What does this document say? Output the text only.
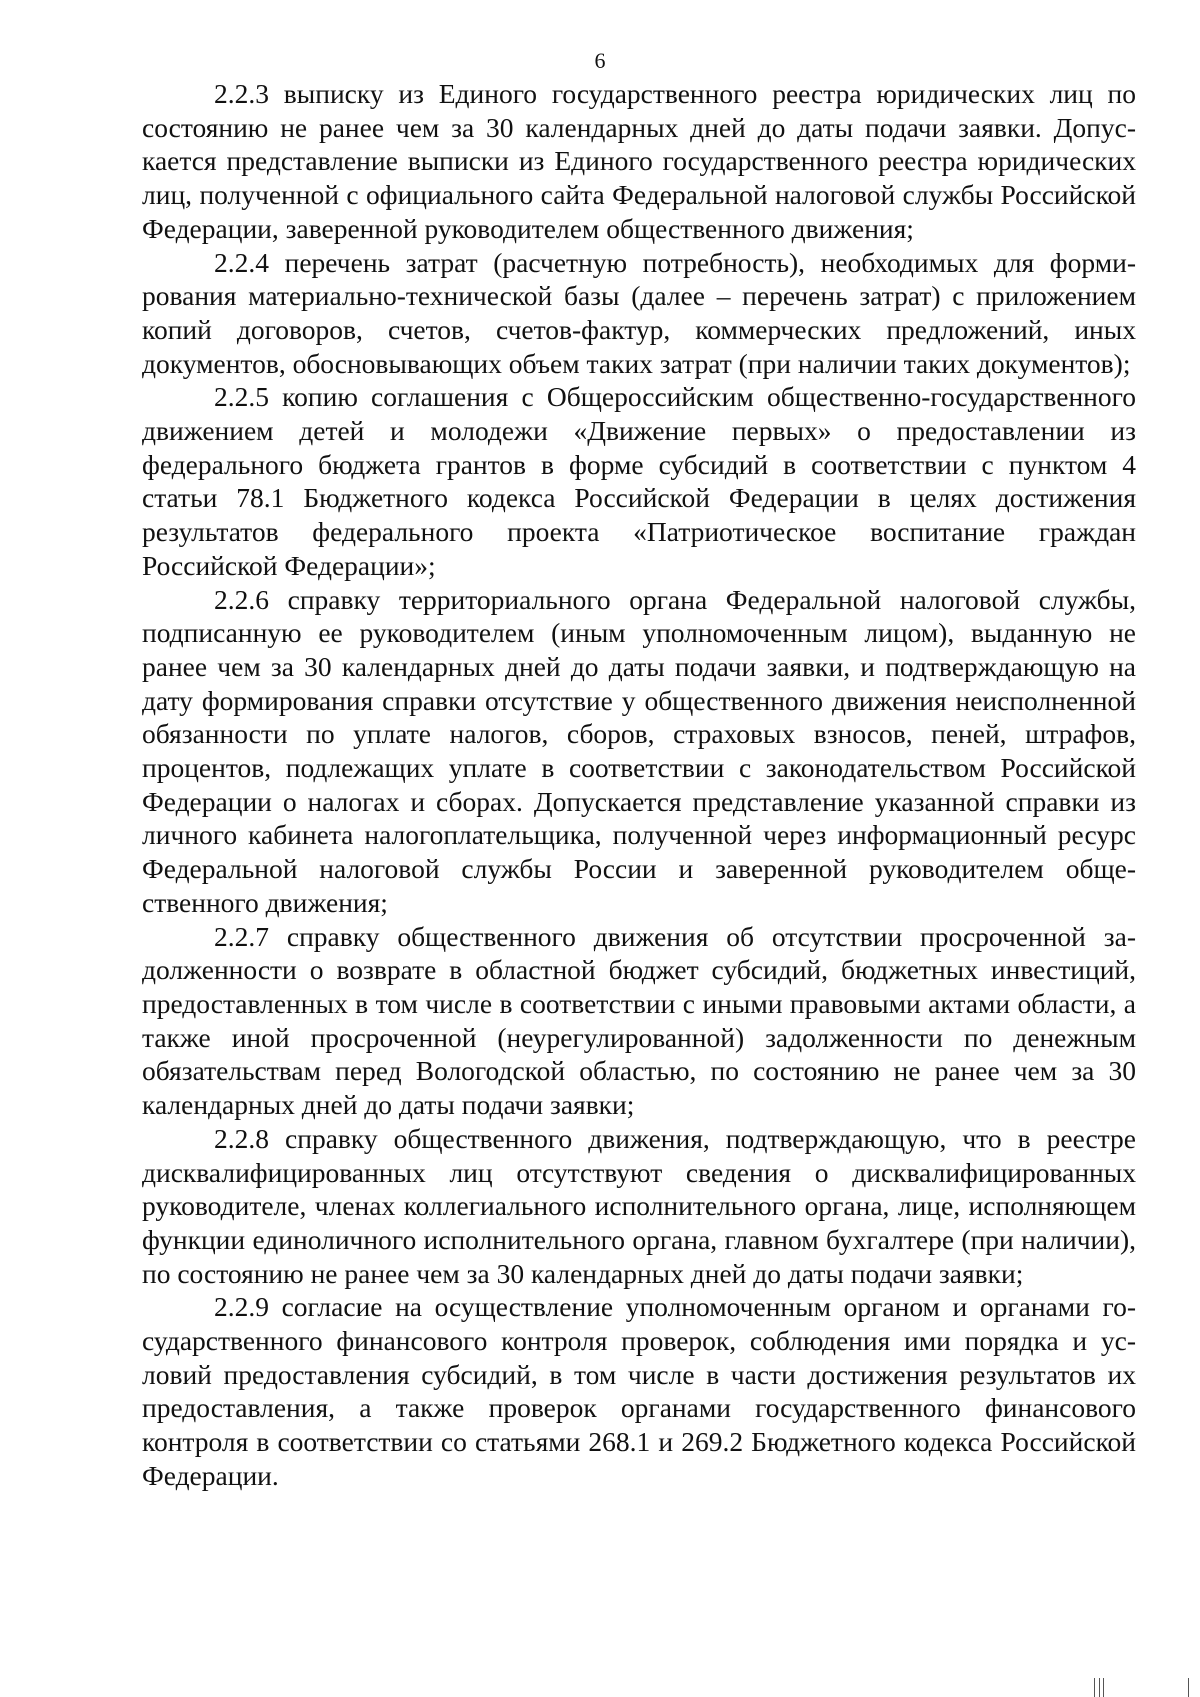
6

2.2.3 выписку из Единого государственного реестра юридических лиц по состоянию не ранее чем за 30 календарных дней до даты подачи заявки. Допускается представление выписки из Единого государственного реестра юридических лиц, полученной с официального сайта Федеральной налоговой службы Российской Федерации, заверенной руководителем общественного движения;

2.2.4 перечень затрат (расчетную потребность), необходимых для формирования материально-технической базы (далее – перечень затрат) с приложением копий договоров, счетов, счетов-фактур, коммерческих предложений, иных документов, обосновывающих объем таких затрат (при наличии таких документов);

2.2.5 копию соглашения с Общероссийским общественно-государственного движением детей и молодежи «Движение первых» о предоставлении из федерального бюджета грантов в форме субсидий в соответствии с пунктом 4 статьи 78.1 Бюджетного кодекса Российской Федерации в целях достижения результатов федерального проекта «Патриотическое воспитание граждан Российской Федерации»;

2.2.6 справку территориального органа Федеральной налоговой службы, подписанную ее руководителем (иным уполномоченным лицом), выданную не ранее чем за 30 календарных дней до даты подачи заявки, и подтверждающую на дату формирования справки отсутствие у общественного движения неисполненной обязанности по уплате налогов, сборов, страховых взносов, пеней, штрафов, процентов, подлежащих уплате в соответствии с законодательством Российской Федерации о налогах и сборах. Допускается представление указанной справки из личного кабинета налогоплательщика, полученной через информационный ресурс Федеральной налоговой службы России и заверенной руководителем общественного движения;

2.2.7 справку общественного движения об отсутствии просроченной задолженности о возврате в областной бюджет субсидий, бюджетных инвестиций, предоставленных в том числе в соответствии с иными правовыми актами области, а также иной просроченной (неурегулированной) задолженности по денежным обязательствам перед Вологодской областью, по состоянию не ранее чем за 30 календарных дней до даты подачи заявки;

2.2.8 справку общественного движения, подтверждающую, что в реестре дисквалифицированных лиц отсутствуют сведения о дисквалифицированных руководителе, членах коллегиального исполнительного органа, лице, исполняющем функции единоличного исполнительного органа, главном бухгалтере (при наличии), по состоянию не ранее чем за 30 календарных дней до даты подачи заявки;

2.2.9 согласие на осуществление уполномоченным органом и органами государственного финансового контроля проверок, соблюдения ими порядка и условий предоставления субсидий, в том числе в части достижения результатов их предоставления, а также проверок органами государственного финансового контроля в соответствии со статьями 268.1 и 269.2 Бюджетного кодекса Российской Федерации.
